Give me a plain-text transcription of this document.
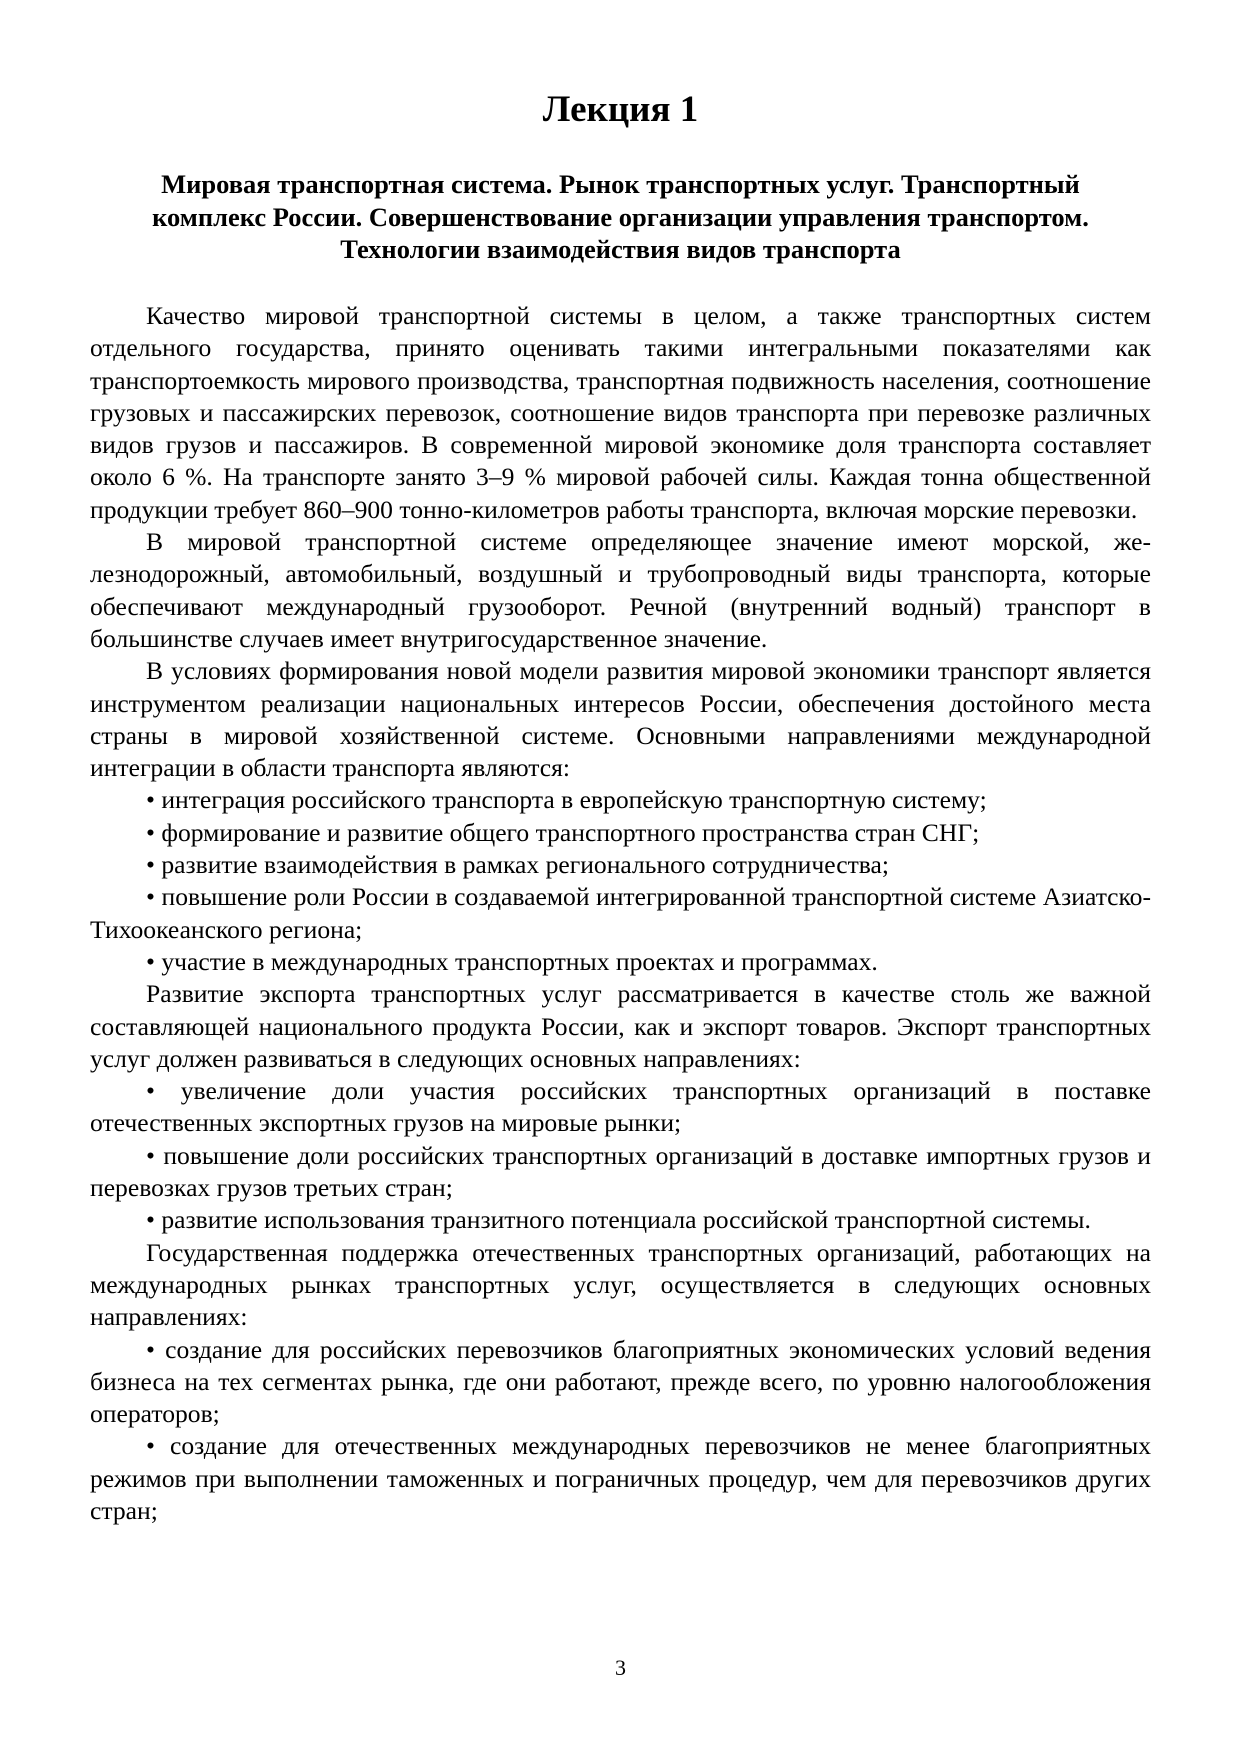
Лекция 1
Мировая транспортная система. Рынок транспортных услуг. Транспортный комплекс России. Совершенствование организации управления транспортом. Технологии взаимодействия видов транспорта

Качество мировой транспортной системы в целом, а также транспортных систем отдельного государства, принято оценивать такими интегральными показателями как транспортоемкость мирового производства, транспортная подвижность населения, соотношение грузовых и пассажирских перевозок, соотношение видов транспорта при перевозке различных видов грузов и пассажиров. В современной мировой экономике доля транспорта составляет около 6 %. На транспорте занято 3–9 % мировой рабочей силы. Каждая тонна общественной продукции требует 860–900 тонно-километров работы транспорта, включая морские перевозки.

В мировой транспортной системе определяющее значение имеют морской, железнодорожный, автомобильный, воздушный и трубопроводный виды транспорта, которые обеспечивают международный грузооборот. Речной (внутренний водный) транспорт в большинстве случаев имеет внутригосударственное значение.

В условиях формирования новой модели развития мировой экономики транспорт является инструментом реализации национальных интересов России, обеспечения достойного места страны в мировой хозяйственной системе. Основными направлениями международной интеграции в области транспорта являются:

• интеграция российского транспорта в европейскую транспортную систему;
• формирование и развитие общего транспортного пространства стран СНГ;
• развитие взаимодействия в рамках регионального сотрудничества;
• повышение роли России в создаваемой интегрированной транспортной системе Азиатско-Тихоокеанского региона;
• участие в международных транспортных проектах и программах.

Развитие экспорта транспортных услуг рассматривается в качестве столь же важной составляющей национального продукта России, как и экспорт товаров. Экспорт транспортных услуг должен развиваться в следующих основных направлениях:

• увеличение доли участия российских транспортных организаций в поставке отечественных экспортных грузов на мировые рынки;
• повышение доли российских транспортных организаций в доставке импортных грузов и перевозках грузов третьих стран;
• развитие использования транзитного потенциала российской транспортной системы.

Государственная поддержка отечественных транспортных организаций, работающих на международных рынках транспортных услуг, осуществляется в следующих основных направлениях:

• создание для российских перевозчиков благоприятных экономических условий ведения бизнеса на тех сегментах рынка, где они работают, прежде всего, по уровню налогообложения операторов;
• создание для отечественных международных перевозчиков не менее благоприятных режимов при выполнении таможенных и пограничных процедур, чем для перевозчиков других стран;
3
